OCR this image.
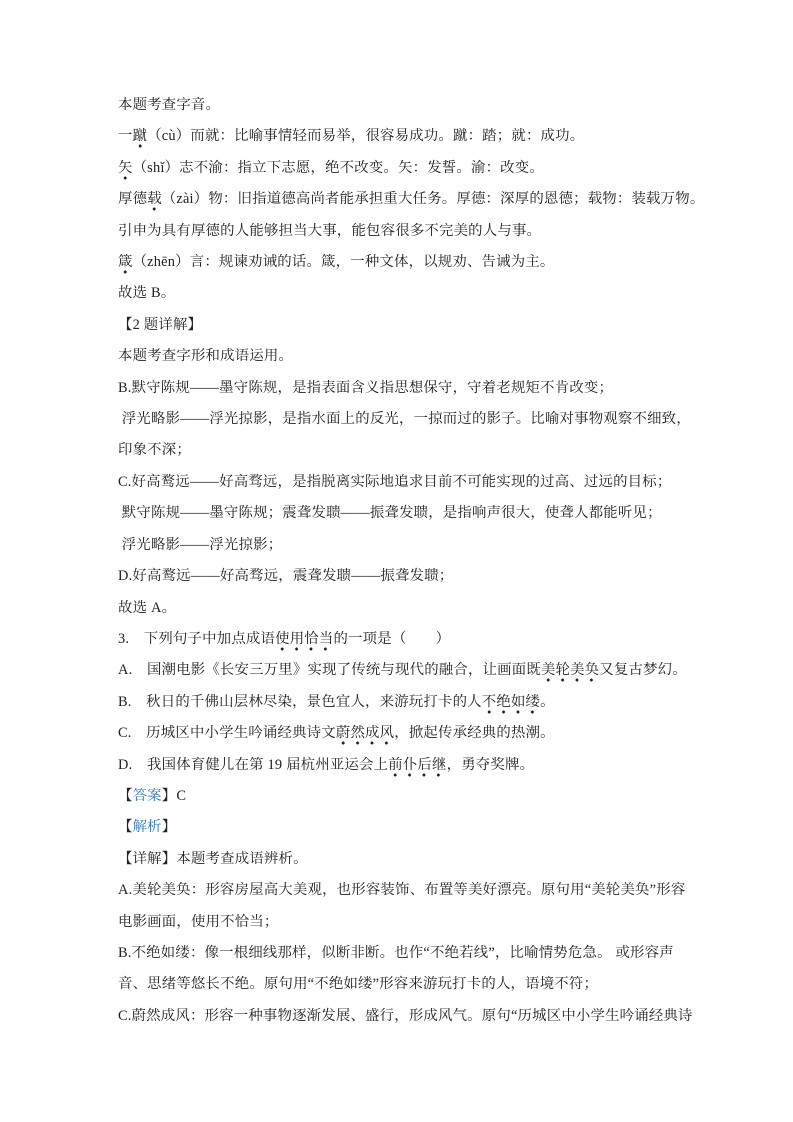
本题考查字音。

一蹴（cù）而就：比喻事情轻而易举，很容易成功。蹴：踏；就：成功。

矢（shǐ）志不渝：指立下志愿，绝不改变。矢：发誓。渝：改变。

厚德载（zài）物：旧指道德高尚者能承担重大任务。厚德：深厚的恩德；载物：装载万物。

引申为具有厚德的人能够担当大事，能包容很多不完美的人与事。

箴（zhēn）言：规谏劝诫的话。箴，一种文体，以规劝、告诫为主。

故选 B。

【2 题详解】

本题考查字形和成语运用。

B.默守陈规——墨守陈规，是指表面含义指思想保守，守着老规矩不肯改变；

浮光略影——浮光掠影，是指水面上的反光，一掠而过的影子。比喻对事物观察不细致，

印象不深；

C.好高鹜远——好高骛远，是指脱离实际地追求目前不可能实现的过高、过远的目标；

默守陈规——墨守陈规；震聋发聩——振聋发聩，是指响声很大，使聋人都能听见；

浮光略影——浮光掠影；

D.好高鹜远——好高骛远，震聋发聩——振聋发聩；

故选 A。

3.　下列句子中加点成语使用恰当的一项是（　　）

A.　国潮电影《长安三万里》实现了传统与现代的融合，让画面既美轮美奂又复古梦幻。

B.　秋日的千佛山层林尽染，景色宜人，来游玩打卡的人不绝如缕。

C.　历城区中小学生吟诵经典诗文蔚然成风，掀起传承经典的热潮。

D.　我国体育健儿在第 19 届杭州亚运会上前仆后继，勇夺奖牌。

【答案】C

【解析】

【详解】本题考查成语辨析。

A.美轮美奂：形容房屋高大美观，也形容装饰、布置等美好漂亮。原句用“美轮美奂”形容

电影画面，使用不恰当；

B.不绝如缕：像一根细线那样，似断非断。也作“不绝若线”，比喻情势危急。 或形容声

音、思绪等悠长不绝。原句用“不绝如缕”形容来游玩打卡的人，语境不符；

C.蔚然成风：形容一种事物逐渐发展、盛行，形成风气。原句“历城区中小学生吟诵经典诗
